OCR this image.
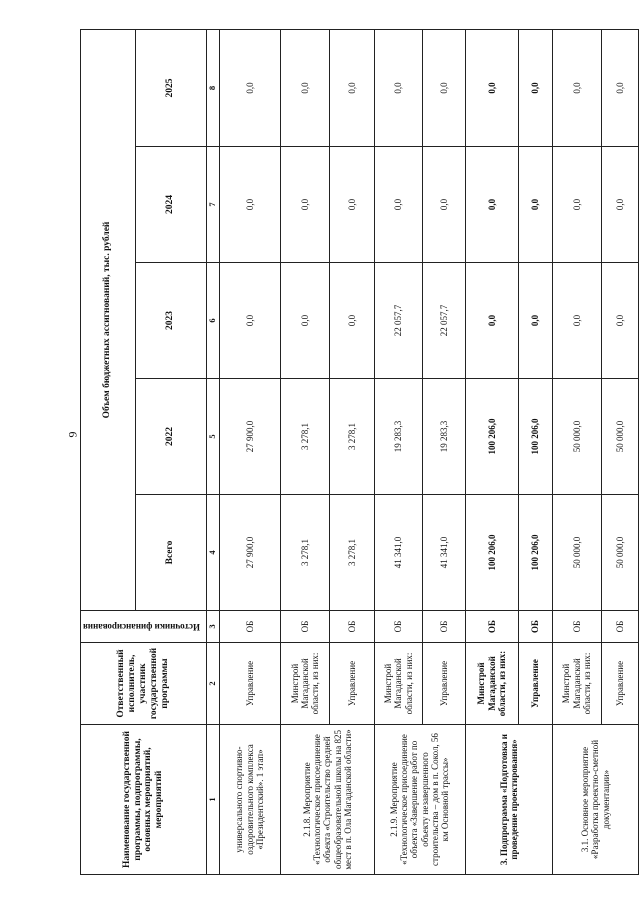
9
Наименование государственной программы, подпрограммы, основных мероприятий, мероприятий	Ответственный исполнитель, участник государственной программы	Источники финансирования	Объем бюджетных ассигнований, тыс. рублей				
			Всего	2022	2023	2024	2025
1	2	3	4	5	6	7	8
универсального спортивно-оздоровительного комплекса «Президентский». 1 этап»	Управление	ОБ	27 900,0	27 900,0	0,0	0,0	0,0
2.1.8. Мероприятие «Технологическое присоединение объекта «Строительство средней общеобразовательной школы на 825 мест в п. Ола Магаданской области»	Минстрой Магаданской области, из них:	ОБ	3 278,1	3 278,1	0,0	0,0	0,0
	Управление	ОБ	3 278,1	3 278,1	0,0	0,0	0,0
2.1.9. Мероприятие «Технологическое присоединение объекта «Завершение работ по объекту незавершенного строительства – дом в п. Сокол, 56 км Основной трассы»	Минстрой Магаданской области, из них:	ОБ	41 341,0	19 283,3	22 057,7	0,0	0,0
	Управление	ОБ	41 341,0	19 283,3	22 057,7	0,0	0,0
3. Подпрограмма «Подготовка и проведение проектирования»	Минстрой Магаданской области, из них:	ОБ	100 206,0	100 206,0	0,0	0,0	0,0
	Управление	ОБ	100 206,0	100 206,0	0,0	0,0	0,0
3.1. Основное мероприятие «Разработка проектно-сметной документации»	Минстрой Магаданской области, из них:	ОБ	50 000,0	50 000,0	0,0	0,0	0,0
	Управление	ОБ	50 000,0	50 000,0	0,0	0,0	0,0
